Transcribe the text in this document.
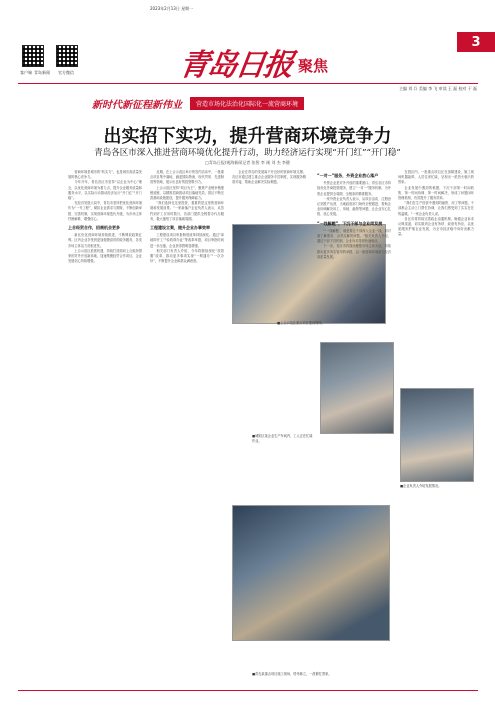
2023年2月13日 星期一
3
客户端 青岛新闻 官方微信	青岛日报 聚焦
主编 刘 兵 美编 李 飞 审读 王 磊 校对 于 磊
新时代新征程新伟业	营造市场化法治化国际化一流营商环境
出实招下实功，提升营商环境竞争力
青岛各区市深入推进营商环境优化提升行动，助力经济运行实现“开门红”“开门稳”
□青岛日报/观海新闻记者 张智 李 刚 刘 杰 李健

营商环境是城市的“软实力”，也是城市高质量发展的核心竞争力。

今年开年，青岛各区市坚持“以企业为中心”理念，以优化营商环境为着力点，提升企业服务质量和服务水平，以实际行动推动经济运行“开门红”“开门稳”。

在经济发展大局中，青岛市坚持把优化营商环境作为“一号工程”，紧扣企业需求与期待，不断创新举措、完善机制，实现营商环境迭代升级，为市场主体纾困解难、增强信心。

上合经贸合作，招商机会更多

新区优化营商环境持续推进，不断释放政策红利。区内企业享受到更加便捷高效的政务服务，各类市场主体活力竞相迸发。

上合示范区抢抓机遇，持续打造面向上合组织国家的对外开放新高地，加速集聚经贸合作项目，企业发展信心持续增强。

近期，在上合示范区举行的签约活动中，一批重点项目集中落地，涵盖国际物流、现代贸易、先进制造等领域，展示出良好的投资吸引力。

上合示范区坚持“项目为王”，聚焦产业链补链强链延链，以精准招商推动项目落地见效。园区不断完善基础设施建设，提升服务保障能力。

“我们选择在这里投资，看重的是这里的营商环境和发展前景。”一家新落户企业负责人表示，从签约到开工仅用时数月，各部门提供全程帮办代办服务，极大缩短了项目落地周期。

工程建设立案，提升企业办事效率

工程建设项目审批制度改革持续深化。通过“拿地即开工”“验收即办证”等改革举措，项目审批时间进一步压缩，企业获得感明显增强。

相关部门负责人介绍，今年将继续深化“放管服”改革，推动更多事项实现“一网通办”“一次办好”，不断提升企业和群众满意度。

企业在青岛的发展离不开良好的营商环境支撑。各区市通过建立重点企业服务专员制度，实现服务精准对接，帮助企业解决实际难题。

■上合示范区重点项目建设现场。
■城阳区某企业生产车间内，工人正在忙碌作业。
■青岛某重点项目施工现场，塔吊林立，一派繁忙景象。
“一对一”服务，外资企业放心落户

外资企业是对外开放的重要窗口。青岛各区市持续优化外商投资服务，建立“一对一”服务机制，为外资企业提供全周期、全链条的精准服务。

一家外资企业负责人表示，从项目洽谈、注册登记到投产运营，当地政府部门始终全程跟进，帮助企业协调解决用工、用地、融资等问题，让企业安心扎根、放心发展。

“一线解题”，下沉干部与企业同发展

“‘一线解题’，就是要让干部深入企业一线，面对面了解需求、点对点解决问题。”相关负责人介绍，通过干部下沉机制，企业诉求得到快速响应。

下一步，各区市将继续聚焦市场主体关切，持续推出更多务实管用的举措，以一流营商环境助力经济高质量发展。

在园区内，一批重点项目正在加紧建设，施工现场机器轰鸣、人员往来忙碌，呈现出一派热火朝天的景象。

企业发展中遇到的难题，下沉干部第一时间收集、第一时间协调、第一时间解决，形成了问题闭环管理机制，有效提升了服务效率。

“我们在生产经营中遇到的融资、用工等问题，干部都会主动上门帮忙协调，让我们感受到了实实在在的温暖。”一家企业负责人说。

各区市将持续完善政企沟通机制，畅通企业诉求反映渠道，切实做到企业有所呼、政府有所应，以优质服务护航企业发展，为全市经济稳中向好贡献力量。

■企业负责人介绍发展情况。
